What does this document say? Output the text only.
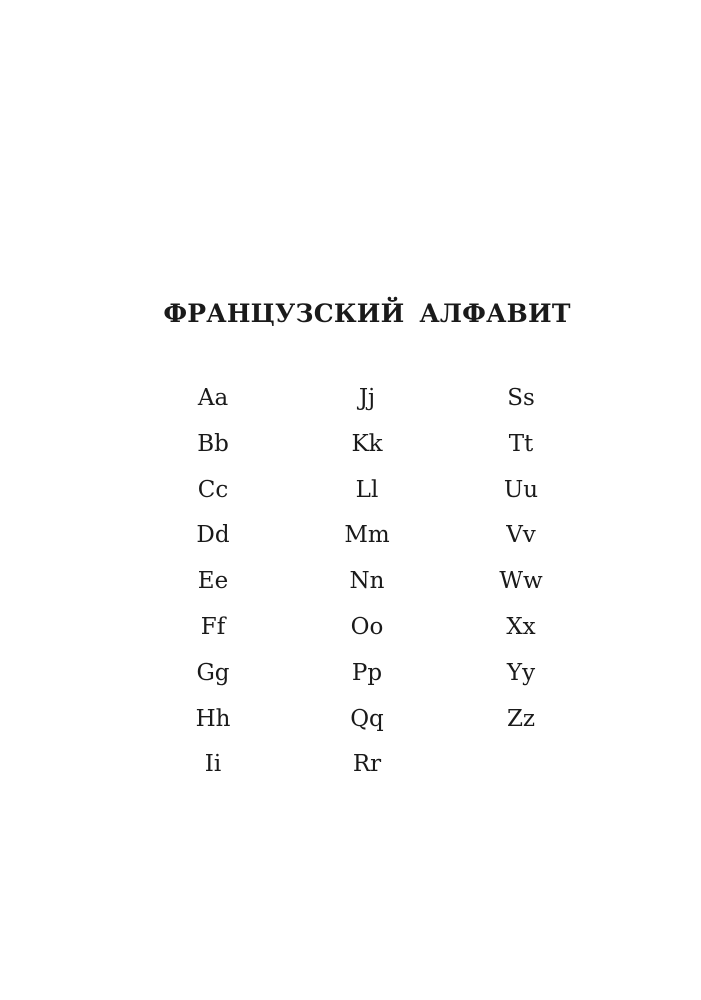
ФРАНЦУЗСКИЙ АЛФАВИТ
Aa
Bb
Cc
Dd
Ee
Ff
Gg
Hh
Ii
Jj
Kk
Ll
Mm
Nn
Oo
Pp
Qq
Rr
Ss
Tt
Uu
Vv
Ww
Xx
Yy
Zz
